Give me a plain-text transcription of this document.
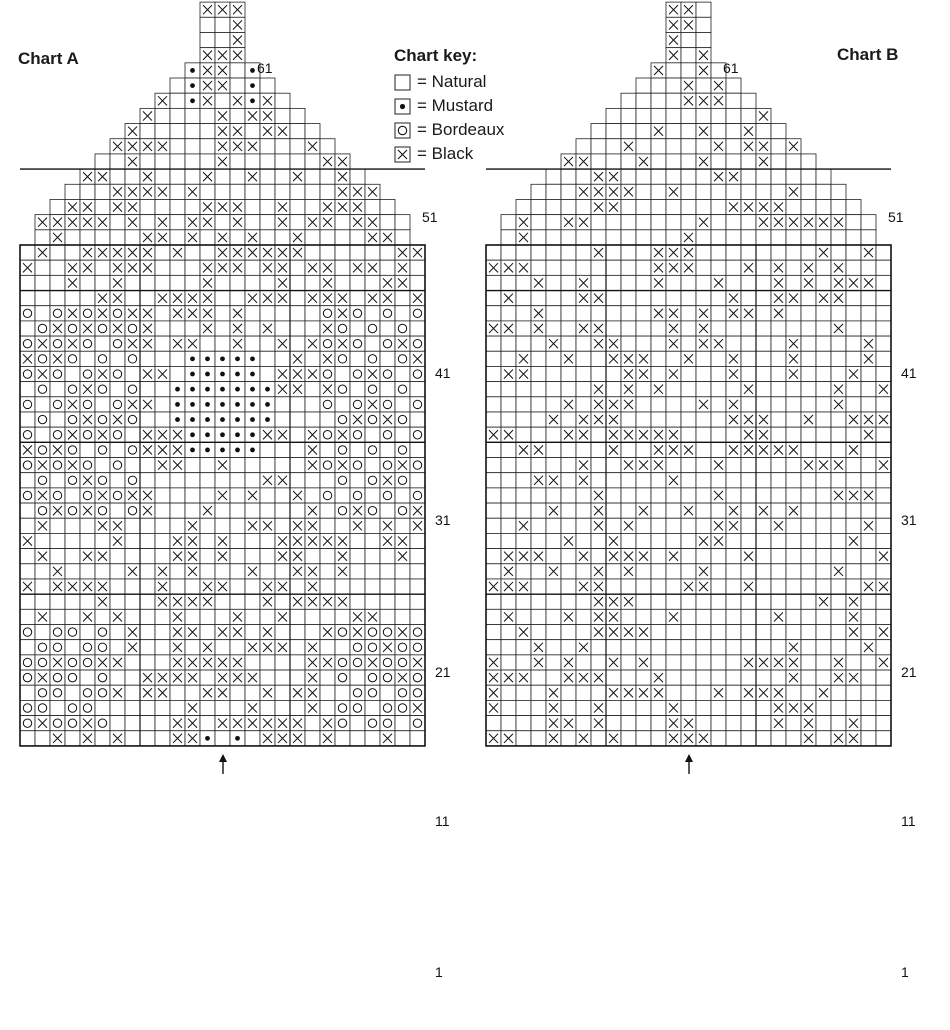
Chart A	Chart B
Chart key:
= Natural
= Mustard
= Bordeaux
= Black
61
51
41
31
21
11
1
61
51
41
31
21
11
1
